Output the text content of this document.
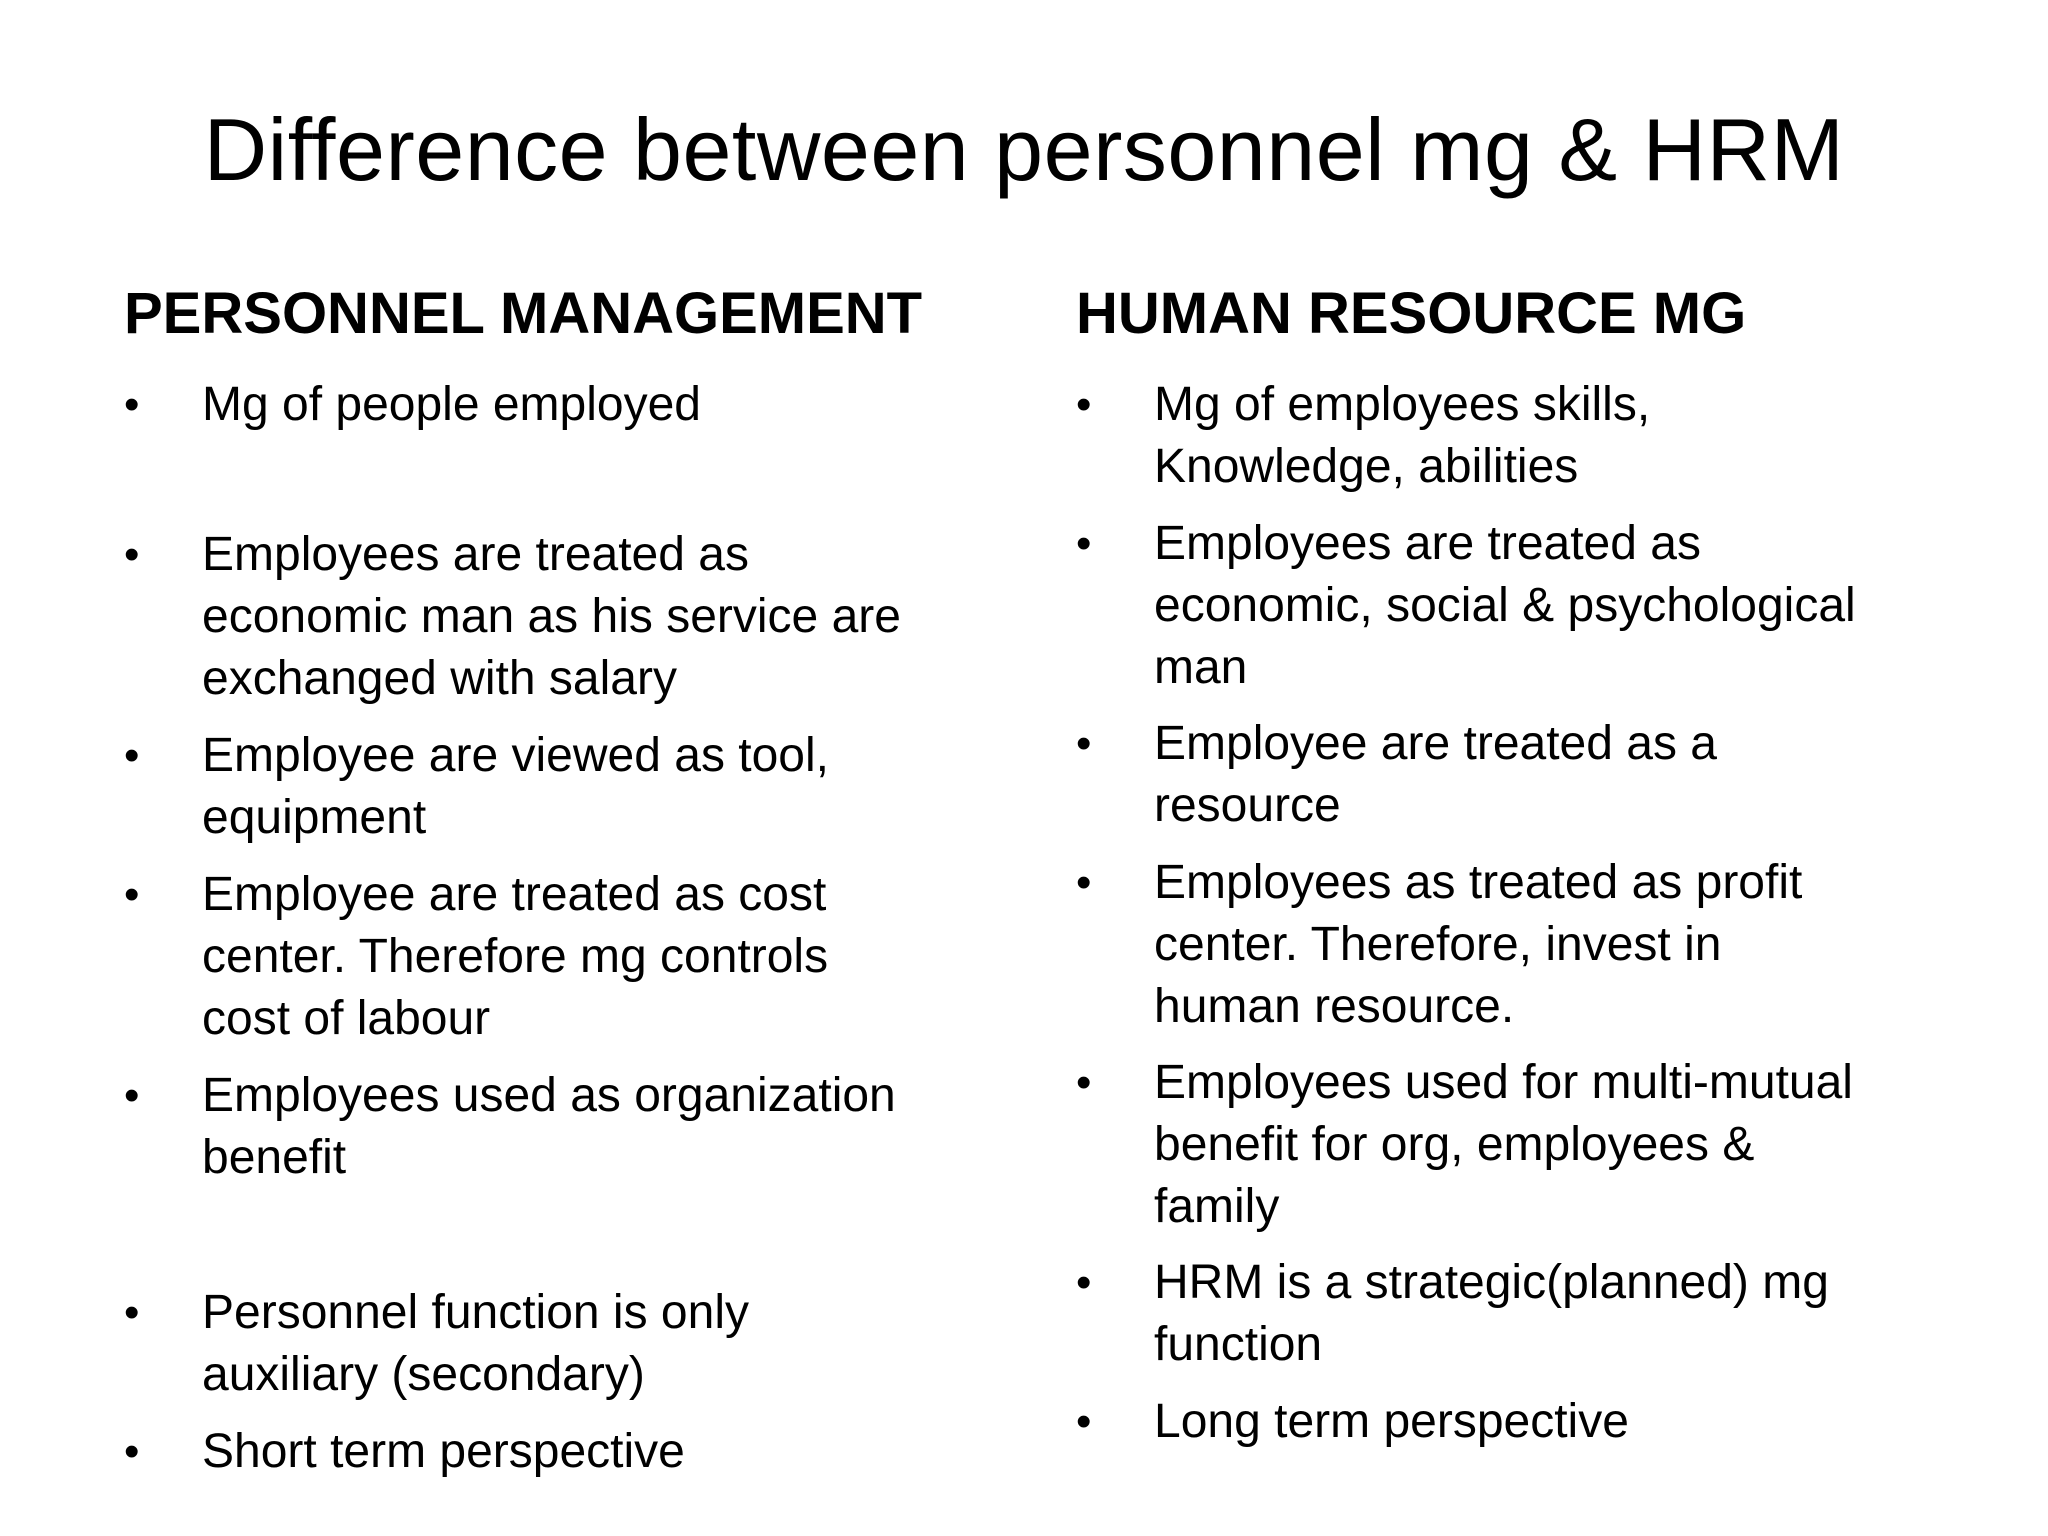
Difference between personnel mg & HRM
PERSONNEL MANAGEMENT	HUMAN RESOURCE MG
•	Mg of people employed
•	Employees are treated as
economic man as his service are
exchanged with salary
•	Employee are viewed as tool,
equipment
•	Employee are treated as cost
center. Therefore mg controls
cost of labour
•	Employees used as organization
benefit
•	Personnel function is only
auxiliary (secondary)
•	Short term perspective
•	Mg of employees skills,
Knowledge, abilities
•	Employees are treated as
economic, social & psychological
man
•	Employee are treated as a
resource
•	Employees as treated as profit
center. Therefore, invest in
human resource.
•	Employees used for multi-mutual
benefit for org, employees &
family
•	HRM is a strategic(planned) mg
function
•	Long term perspective
